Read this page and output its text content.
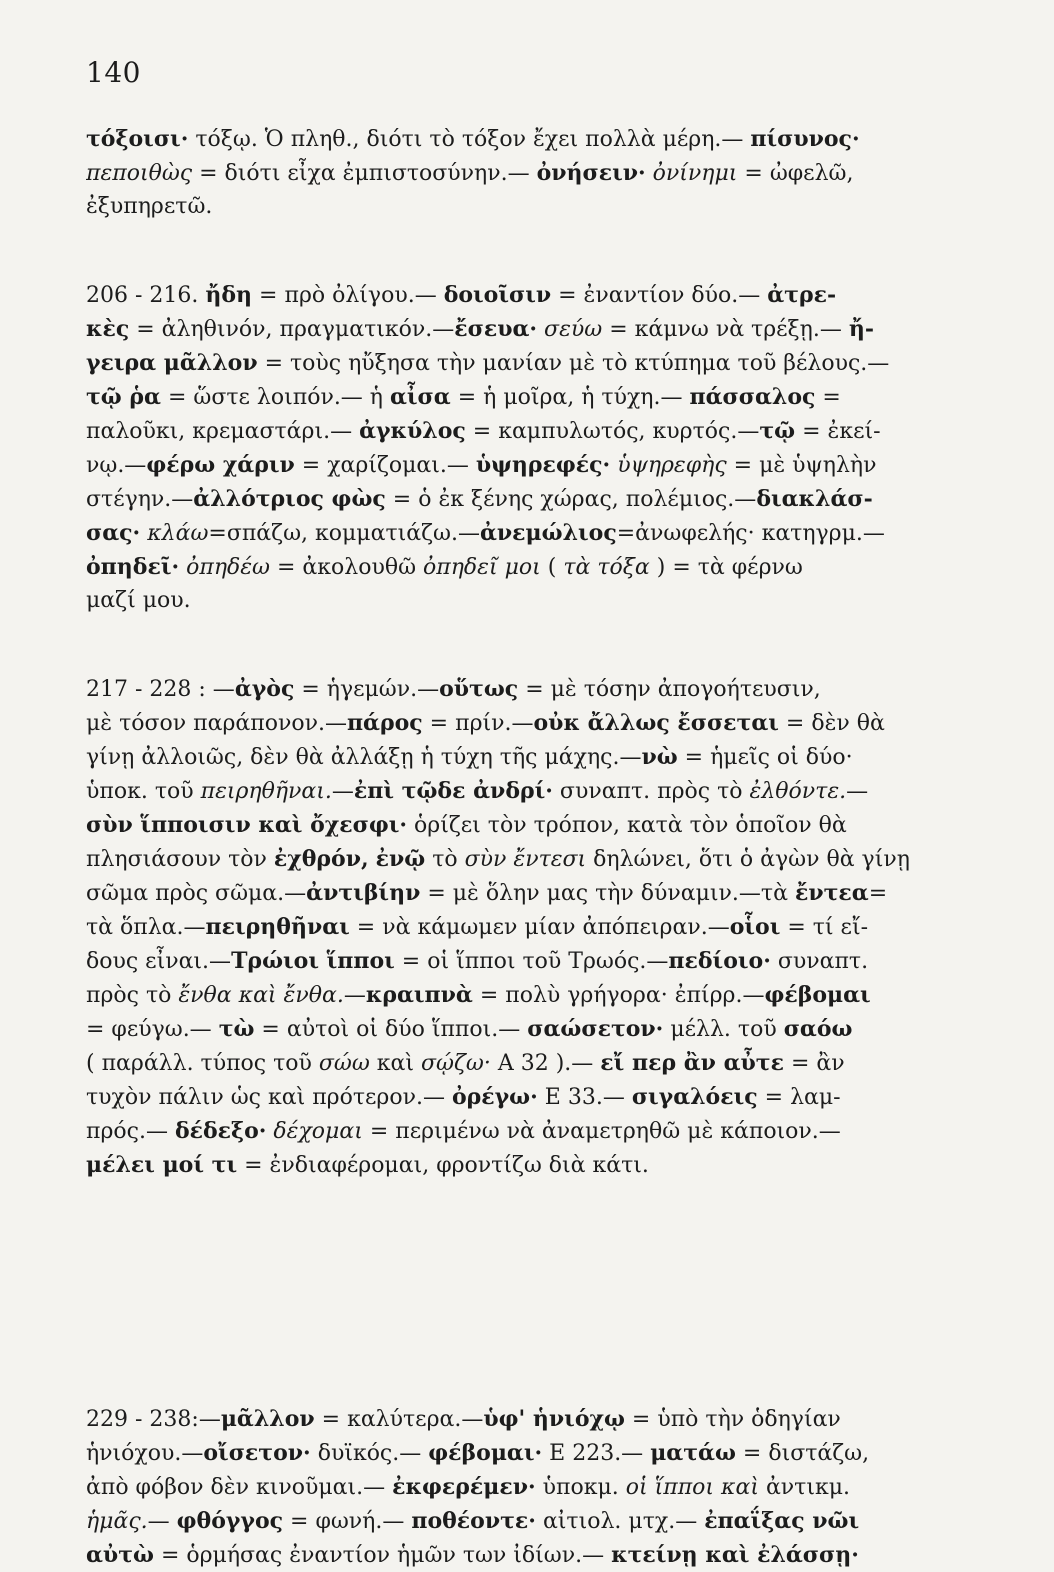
140
τόξοισι· τόξῳ. Ὁ πληθ., διότι τὸ τόξον ἔχει πολλὰ μέρη.— πίσυνος·
πεποιθὼς = διότι εἶχα ἐμπιστοσύνην.— ὀνήσειν· ὀνίνημι = ὠφελῶ,
ἐξυπηρετῶ.
206 - 216. ἤδη = πρὸ ὀλίγου.— δοιοῖσιν = ἐναντίον δύο.— ἀτρε-
κὲς = ἀληθινόν, πραγματικόν.—ἔσευα· σεύω = κάμνω νὰ τρέξῃ.— ἤ-
γειρα μᾶλλον = τοὺς ηὔξησα τὴν μανίαν μὲ τὸ κτύπημα τοῦ βέλους.—
τῷ ῥα = ὥστε λοιπόν.— ἡ αἶσα = ἡ μοῖρα, ἡ τύχη.— πάσσαλος =
παλοῦκι, κρεμαστάρι.— ἀγκύλος = καμπυλωτός, κυρτός.—τῷ = ἐκεί-
νῳ.—φέρω χάριν = χαρίζομαι.— ὑψηρεφές· ὑψηρεφὴς = μὲ ὑψηλὴν
στέγην.—ἀλλότριος φὼς = ὁ ἐκ ξένης χώρας, πολέμιος.—διακλάσ-
σας· κλάω=σπάζω, κομματιάζω.—ἀνεμώλιος=ἀνωφελής· κατηγρμ.—
ὀπηδεῖ· ὀπηδέω = ἀκολουθῶ ὀπηδεῖ μοι ( τὰ τόξα ) = τὰ φέρνω
μαζί μου.
217 - 228 : —ἀγὸς = ἡγεμών.—οὕτως = μὲ τόσην ἀπογοήτευσιν,
μὲ τόσον παράπονον.—πάρος = πρίν.—οὐκ ἄλλως ἔσσεται = δὲν θὰ
γίνῃ ἀλλοιῶς, δὲν θὰ ἀλλάξῃ ἡ τύχη τῆς μάχης.—νὼ = ἡμεῖς οἱ δύο·
ὑποκ. τοῦ πειρηθῆναι.—ἐπὶ τῷδε ἀνδρί· συναπτ. πρὸς τὸ ἐλθόντε.—
σὺν ἵπποισιν καὶ ὄχεσφι· ὁρίζει τὸν τρόπον, κατὰ τὸν ὁποῖον θὰ
πλησιάσουν τὸν ἐχθρόν, ἐνῷ τὸ σὺν ἔντεσι δηλώνει, ὅτι ὁ ἀγὼν θὰ γίνῃ
σῶμα πρὸς σῶμα.—ἀντιβίην = μὲ ὅλην μας τὴν δύναμιν.—τὰ ἔντεα=
τὰ ὅπλα.—πειρηθῆναι = νὰ κάμωμεν μίαν ἀπόπειραν.—οἷοι = τί εἴ-
δους εἶναι.—Τρώιοι ἵπποι = οἱ ἵπποι τοῦ Τρωός.—πεδίοιο· συναπτ.
πρὸς τὸ ἔνθα καὶ ἔνθα.—κραιπνὰ = πολὺ γρήγορα· ἐπίρρ.—φέβομαι
= φεύγω.— τὼ = αὐτοὶ οἱ δύο ἵπποι.— σαώσετον· μέλλ. τοῦ σαόω
( παράλλ. τύπος τοῦ σώω καὶ σῴζω· Α 32 ).— εἴ περ ἂν αὖτε = ἂν
τυχὸν πάλιν ὡς καὶ πρότερον.— ὀρέγω· Ε 33.— σιγαλόεις = λαμ-
πρός.— δέδεξο· δέχομαι = περιμένω νὰ ἀναμετρηθῶ μὲ κάποιον.—
μέλει μοί τι = ἐνδιαφέρομαι, φροντίζω διὰ κάτι.
229 - 238:—μᾶλλον = καλύτερα.—ὑφ' ἡνιόχῳ = ὑπὸ τὴν ὁδηγίαν
ἡνιόχου.—οἴσετον· δυϊκός.— φέβομαι· Ε 223.— ματάω = διστάζω,
ἀπὸ φόβον δὲν κινοῦμαι.— ἐκφερέμεν· ὑποκμ. οἱ ἵπποι καὶ ἀντικμ.
ἡμᾶς.— φθόγγος = φωνή.— ποθέοντε· αἰτιολ. μτχ.— ἐπαΐξας νῶι
αὐτὼ = ὁρμήσας ἐναντίον ἡμῶν των ἰδίων.— κτείνῃ καὶ ἐλάσσῃ·
